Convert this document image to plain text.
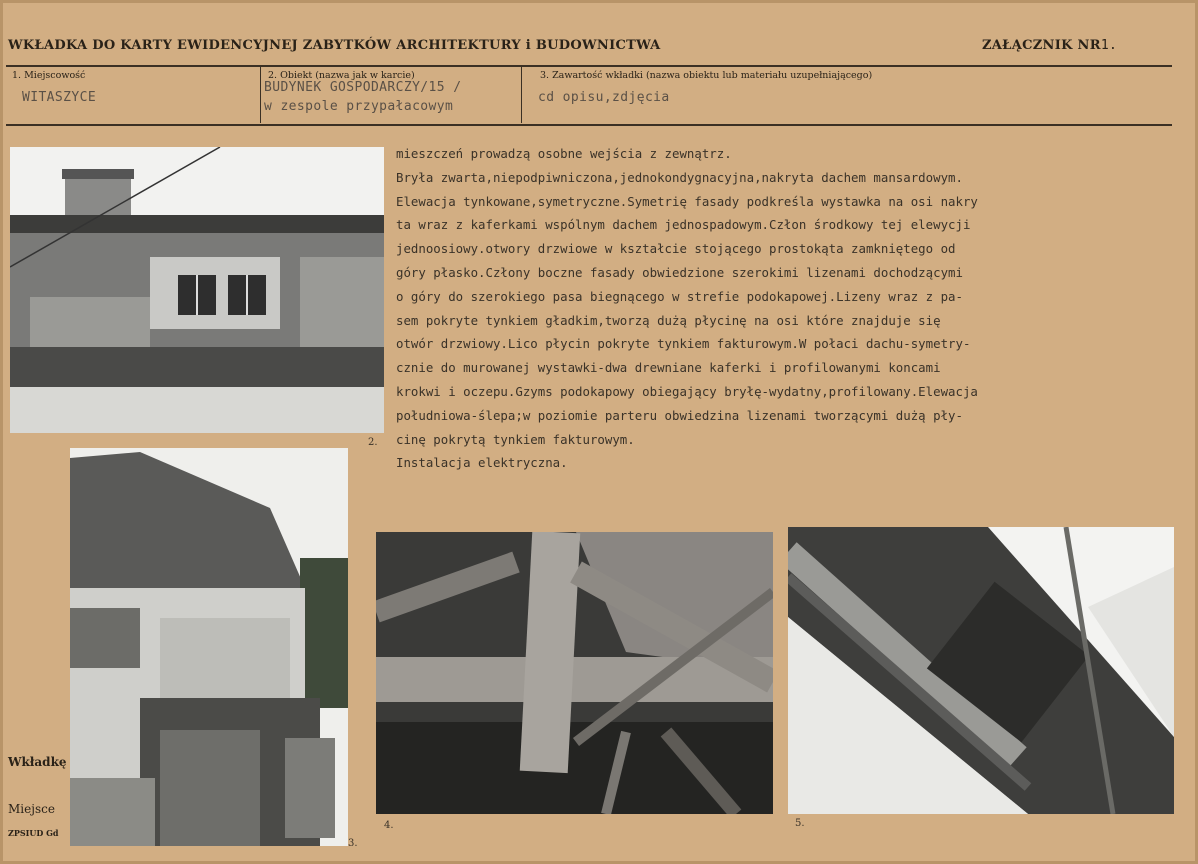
WKŁADKA DO KARTY EWIDENCYJNEJ ZABYTKÓW ARCHITEKTURY i BUDOWNICTWA	ZAŁĄCZNIK NR1.
1. Miejscowość
WITASZYCE
2. Obiekt (nazwa jak w karcie)
BUDYNEK GOSPODARCZY/15 /
w zespole przypałacowym
3. Zawartość wkładki (nazwa obiektu lub materiału uzupełniającego)
cd opisu,zdjęcia
mieszczeń prowadzą osobne wejścia z zewnątrz.
Bryła zwarta,niepodpiwniczona,jednokondygnacyjna,nakryta dachem mansardowym.
Elewacja tynkowane,symetryczne.Symetrię fasady podkreśla wystawka na osi nakry
ta wraz z kaferkami wspólnym dachem jednospadowym.Człon środkowy tej elewycji
jednoosiowy.otwory drzwiowe w kształcie stojącego prostokąta zamkniętego od
góry płasko.Człony boczne fasady obwiedzione szerokimi lizenami dochodzącymi
o góry do szerokiego pasa biegnącego w strefie podokapowej.Lizeny wraz z pa-
sem pokryte tynkiem gładkim,tworzą dużą płycinę na osi które znajduje się
otwór drzwiowy.Lico płycin pokryte tynkiem fakturowym.W połaci dachu-symetry-
cznie do murowanej wystawki-dwa drewniane kaferki i profilowanymi koncami
krokwi i oczepu.Gzyms podokapowy obiegający bryłę-wydatny,profilowany.Elewacja
południowa-ślepa;w poziomie parteru obwiedzina lizenami tworzącymi dużą pły-
cinę pokrytą tynkiem fakturowym.
Instalacja elektryczna.
2.
3.
4.	5.
Wkładkę
Miejsce
ZPSIUD Gd
